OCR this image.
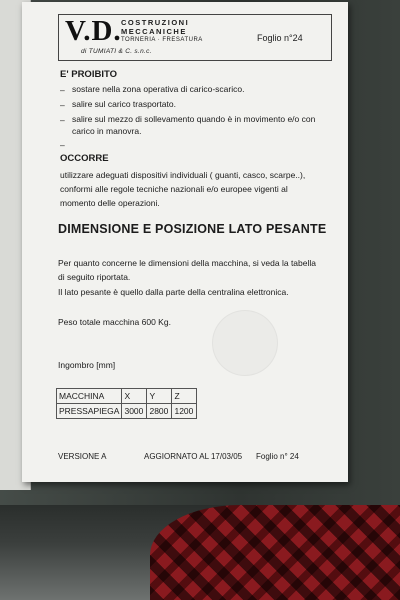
V.D. COSTRUZIONI
MECCANICHE
TORNERIA · FRESATURA
di TUMIATI & C. s.n.c.
Foglio n°24
E' PROIBITO
– sostare nella zona operativa di carico-scarico.
– salire sul carico trasportato.
– salire sul mezzo di sollevamento quando è in movimento e/o con
carico in manovra.
–
OCCORRE
utilizzare adeguati dispositivi individuali ( guanti, casco, scarpe..),
conformi alle regole tecniche nazionali e/o europee vigenti al
momento delle operazioni.
DIMENSIONE E POSIZIONE LATO PESANTE
Per quanto concerne le dimensioni della macchina, si veda la tabella
di seguito riportata.
Il lato pesante è quello dalla parte della centralina elettronica.
Peso totale macchina 600 Kg.
Ingombro [mm]
MACCHINA	X	Y	Z
PRESSAPIEGA	3000	2800	1200
VERSIONE A	AGGIORNATO AL 17/03/05 Foglio n° 24
